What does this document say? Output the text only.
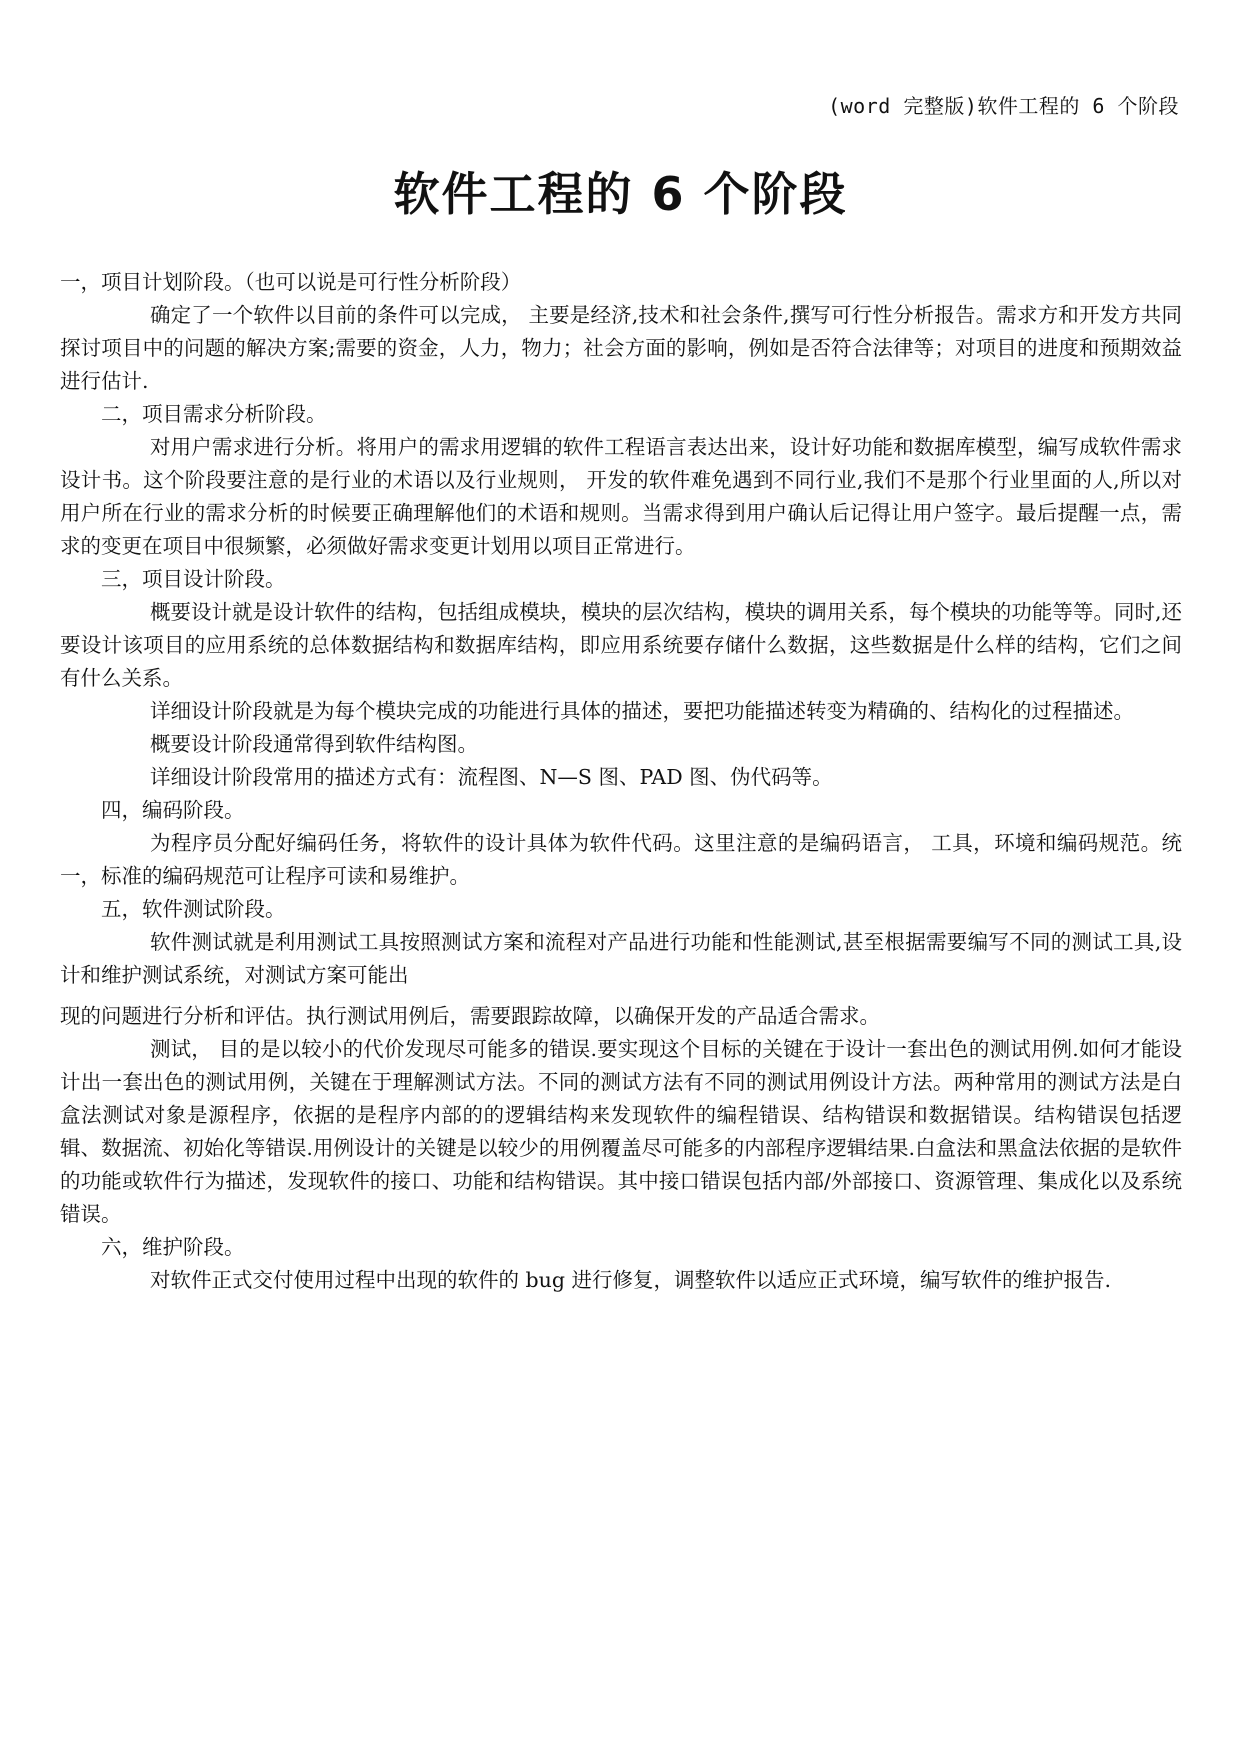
(word 完整版)软件工程的 6 个阶段
软件工程的 6 个阶段

一，项目计划阶段。（也可以说是可行性分析阶段）

确定了一个软件以目前的条件可以完成， 主要是经济,技术和社会条件,撰写可行性分析报告。需求方和开发方共同探讨项目中的问题的解决方案;需要的资金，人力，物力；社会方面的影响，例如是否符合法律等；对项目的进度和预期效益进行估计.

二，项目需求分析阶段。

对用户需求进行分析。将用户的需求用逻辑的软件工程语言表达出来，设计好功能和数据库模型，编写成软件需求设计书。这个阶段要注意的是行业的术语以及行业规则， 开发的软件难免遇到不同行业,我们不是那个行业里面的人,所以对用户所在行业的需求分析的时候要正确理解他们的术语和规则。当需求得到用户确认后记得让用户签字。最后提醒一点，需求的变更在项目中很频繁，必须做好需求变更计划用以项目正常进行。

三，项目设计阶段。

概要设计就是设计软件的结构，包括组成模块，模块的层次结构，模块的调用关系，每个模块的功能等等。同时,还要设计该项目的应用系统的总体数据结构和数据库结构，即应用系统要存储什么数据，这些数据是什么样的结构，它们之间有什么关系。

详细设计阶段就是为每个模块完成的功能进行具体的描述，要把功能描述转变为精确的、结构化的过程描述。

概要设计阶段通常得到软件结构图。

详细设计阶段常用的描述方式有：流程图、N—S 图、PAD 图、伪代码等。

四，编码阶段。

为程序员分配好编码任务，将软件的设计具体为软件代码。这里注意的是编码语言， 工具，环境和编码规范。统一，标准的编码规范可让程序可读和易维护。

五，软件测试阶段。

软件测试就是利用测试工具按照测试方案和流程对产品进行功能和性能测试,甚至根据需要编写不同的测试工具,设计和维护测试系统，对测试方案可能出

现的问题进行分析和评估。执行测试用例后，需要跟踪故障，以确保开发的产品适合需求。

测试， 目的是以较小的代价发现尽可能多的错误.要实现这个目标的关键在于设计一套出色的测试用例.如何才能设计出一套出色的测试用例，关键在于理解测试方法。不同的测试方法有不同的测试用例设计方法。两种常用的测试方法是白盒法测试对象是源程序，依据的是程序内部的的逻辑结构来发现软件的编程错误、结构错误和数据错误。结构错误包括逻辑、数据流、初始化等错误.用例设计的关键是以较少的用例覆盖尽可能多的内部程序逻辑结果.白盒法和黑盒法依据的是软件的功能或软件行为描述，发现软件的接口、功能和结构错误。其中接口错误包括内部/外部接口、资源管理、集成化以及系统错误。

六，维护阶段。

对软件正式交付使用过程中出现的软件的 bug 进行修复，调整软件以适应正式环境，编写软件的维护报告.
